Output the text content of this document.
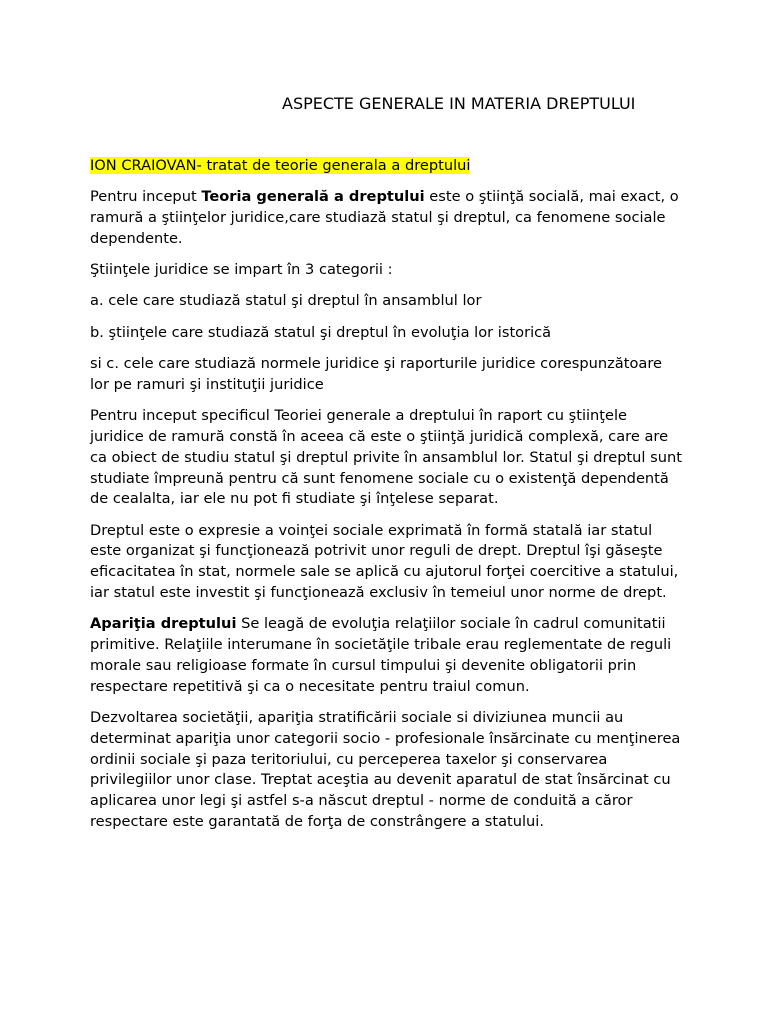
ASPECTE GENERALE IN MATERIA DREPTULUI

ION CRAIOVAN- tratat de teorie generala a dreptului

Pentru inceput Teoria generală a dreptului este o ştiinţă socială, mai exact, o ramură a ştiinţelor juridice,care studiază statul şi dreptul, ca fenomene sociale dependente.

Ştiinţele juridice se impart în 3 categorii :

a. cele care studiază statul şi dreptul în ansamblul lor

b. ştiinţele care studiază statul şi dreptul în evoluţia lor istorică

si c. cele care studiază normele juridice şi raporturile juridice corespunzătoare lor pe ramuri şi instituţii juridice

Pentru inceput specificul Teoriei generale a dreptului în raport cu ştiinţele juridice de ramură constă în aceea că este o ştiinţă juridică complexă, care are ca obiect de studiu statul şi dreptul privite în ansamblul lor. Statul şi dreptul sunt studiate împreună pentru că sunt fenomene sociale cu o existenţă dependentă de cealalta, iar ele nu pot fi studiate şi înţelese separat.

Dreptul este o expresie a voinţei sociale exprimată în formă statală iar statul este organizat şi funcţionează potrivit unor reguli de drept. Dreptul îşi găseşte eficacitatea în stat, normele sale se aplică cu ajutorul forţei coercitive a statului, iar statul este investit şi funcţionează exclusiv în temeiul unor norme de drept.

Apariţia dreptului Se leagă de evoluţia relaţiilor sociale în cadrul comunitatii primitive. Relaţiile interumane în societăţile tribale erau reglementate de reguli morale sau religioase formate în cursul timpului şi devenite obligatorii prin respectare repetitivă şi ca o necesitate pentru traiul comun.

Dezvoltarea societăţii, apariţia stratificării sociale si diviziunea muncii au determinat apariţia unor categorii socio - profesionale însărcinate cu menţinerea ordinii sociale şi paza teritoriului, cu perceperea taxelor şi conservarea privilegiilor unor clase. Treptat aceştia au devenit aparatul de stat însărcinat cu aplicarea unor legi şi astfel s-a născut dreptul - norme de conduită a căror respectare este garantată de forţa de constrângere a statului.
